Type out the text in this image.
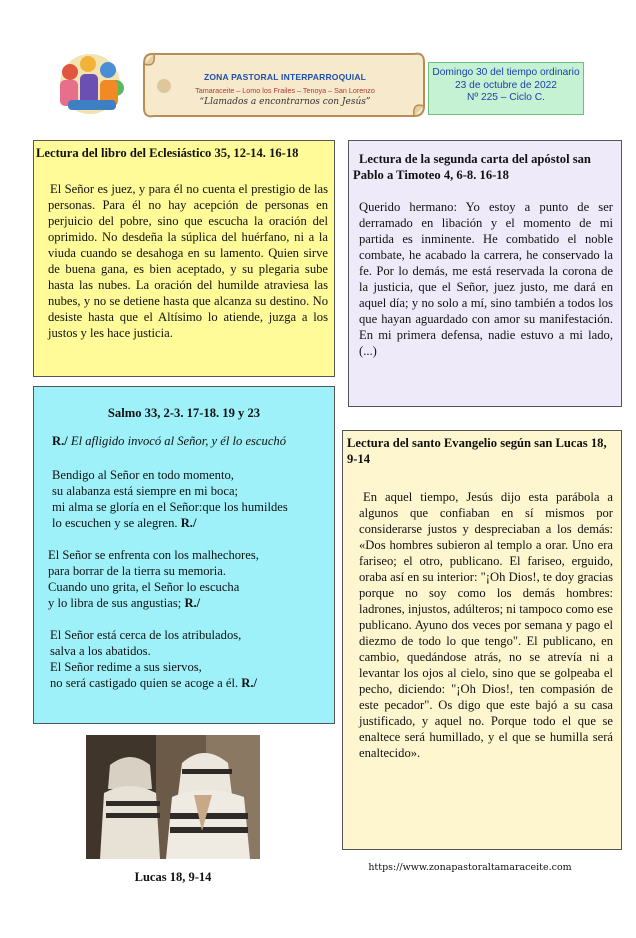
ZONA PASTORAL INTERPARROQUIAL
Tamaraceite – Lomo los Frailes – Tenoya – San Lorenzo
“Llamados a encontrarnos con Jesús”
Domingo 30 del tiempo ordinario
23 de octubre de 2022
Nº 225 – Ciclo C.
Lectura del libro del Eclesiástico 35, 12-14. 16-18
El Señor es juez, y para él no cuenta el prestigio de las personas. Para él no hay acepción de personas en perjuicio del pobre, sino que escucha la oración del oprimido. No desdeña la súplica del huérfano, ni a la viuda cuando se desahoga en su lamento. Quien sirve de buena gana, es bien aceptado, y su plegaria sube hasta las nubes. La oración del humilde atraviesa las nubes, y no se detiene hasta que alcanza su destino. No desiste hasta que el Altísimo lo atiende, juzga a los justos y les hace justicia.
Lectura de la segunda carta del apóstol san Pablo a Timoteo 4, 6-8. 16-18
Querido hermano: Yo estoy a punto de ser derramado en libación y el momento de mi partida es inminente. He combatido el noble combate, he acabado la carrera, he conservado la fe. Por lo demás, me está reservada la corona de la justicia, que el Señor, juez justo, me dará en aquel día; y no solo a mí, sino también a todos los que hayan aguardado con amor su manifestación. En mi primera defensa, nadie estuvo a mi lado, (...)
Salmo 33, 2-3. 17-18. 19 y 23
R./ El afligido invocó al Señor, y él lo escuchó
Bendigo al Señor en todo momento,
su alabanza está siempre en mi boca;
mi alma se gloría en el Señor:que los humildes
lo escuchen y se alegren. R./
El Señor se enfrenta con los malhechores,
para borrar de la tierra su memoria.
Cuando uno grita, el Señor lo escucha
y lo libra de sus angustias; R./
El Señor está cerca de los atribulados,
salva a los abatidos.
El Señor redime a sus siervos,
no será castigado quien se acoge a él. R./
Lectura del santo Evangelio según san Lucas 18, 9-14
En aquel tiempo, Jesús dijo esta parábola a algunos que confiaban en sí mismos por considerarse justos y despreciaban a los demás: «Dos hombres subieron al templo a orar. Uno era fariseo; el otro, publicano. El fariseo, erguido, oraba así en su interior: "¡Oh Dios!, te doy gracias porque no soy como los demás hombres: ladrones, injustos, adúlteros; ni tampoco como ese publicano. Ayuno dos veces por semana y pago el diezmo de todo lo que tengo". El publicano, en cambio, quedándose atrás, no se atrevía ni a levantar los ojos al cielo, sino que se golpeaba el pecho, diciendo: "¡Oh Dios!, ten compasión de este pecador". Os digo que este bajó a su casa justificado, y aquel no. Porque todo el que se enaltece será humillado, y el que se humilla será enaltecido».
Lucas 18, 9-14
https://www.zonapastoraltamaraceite.com
